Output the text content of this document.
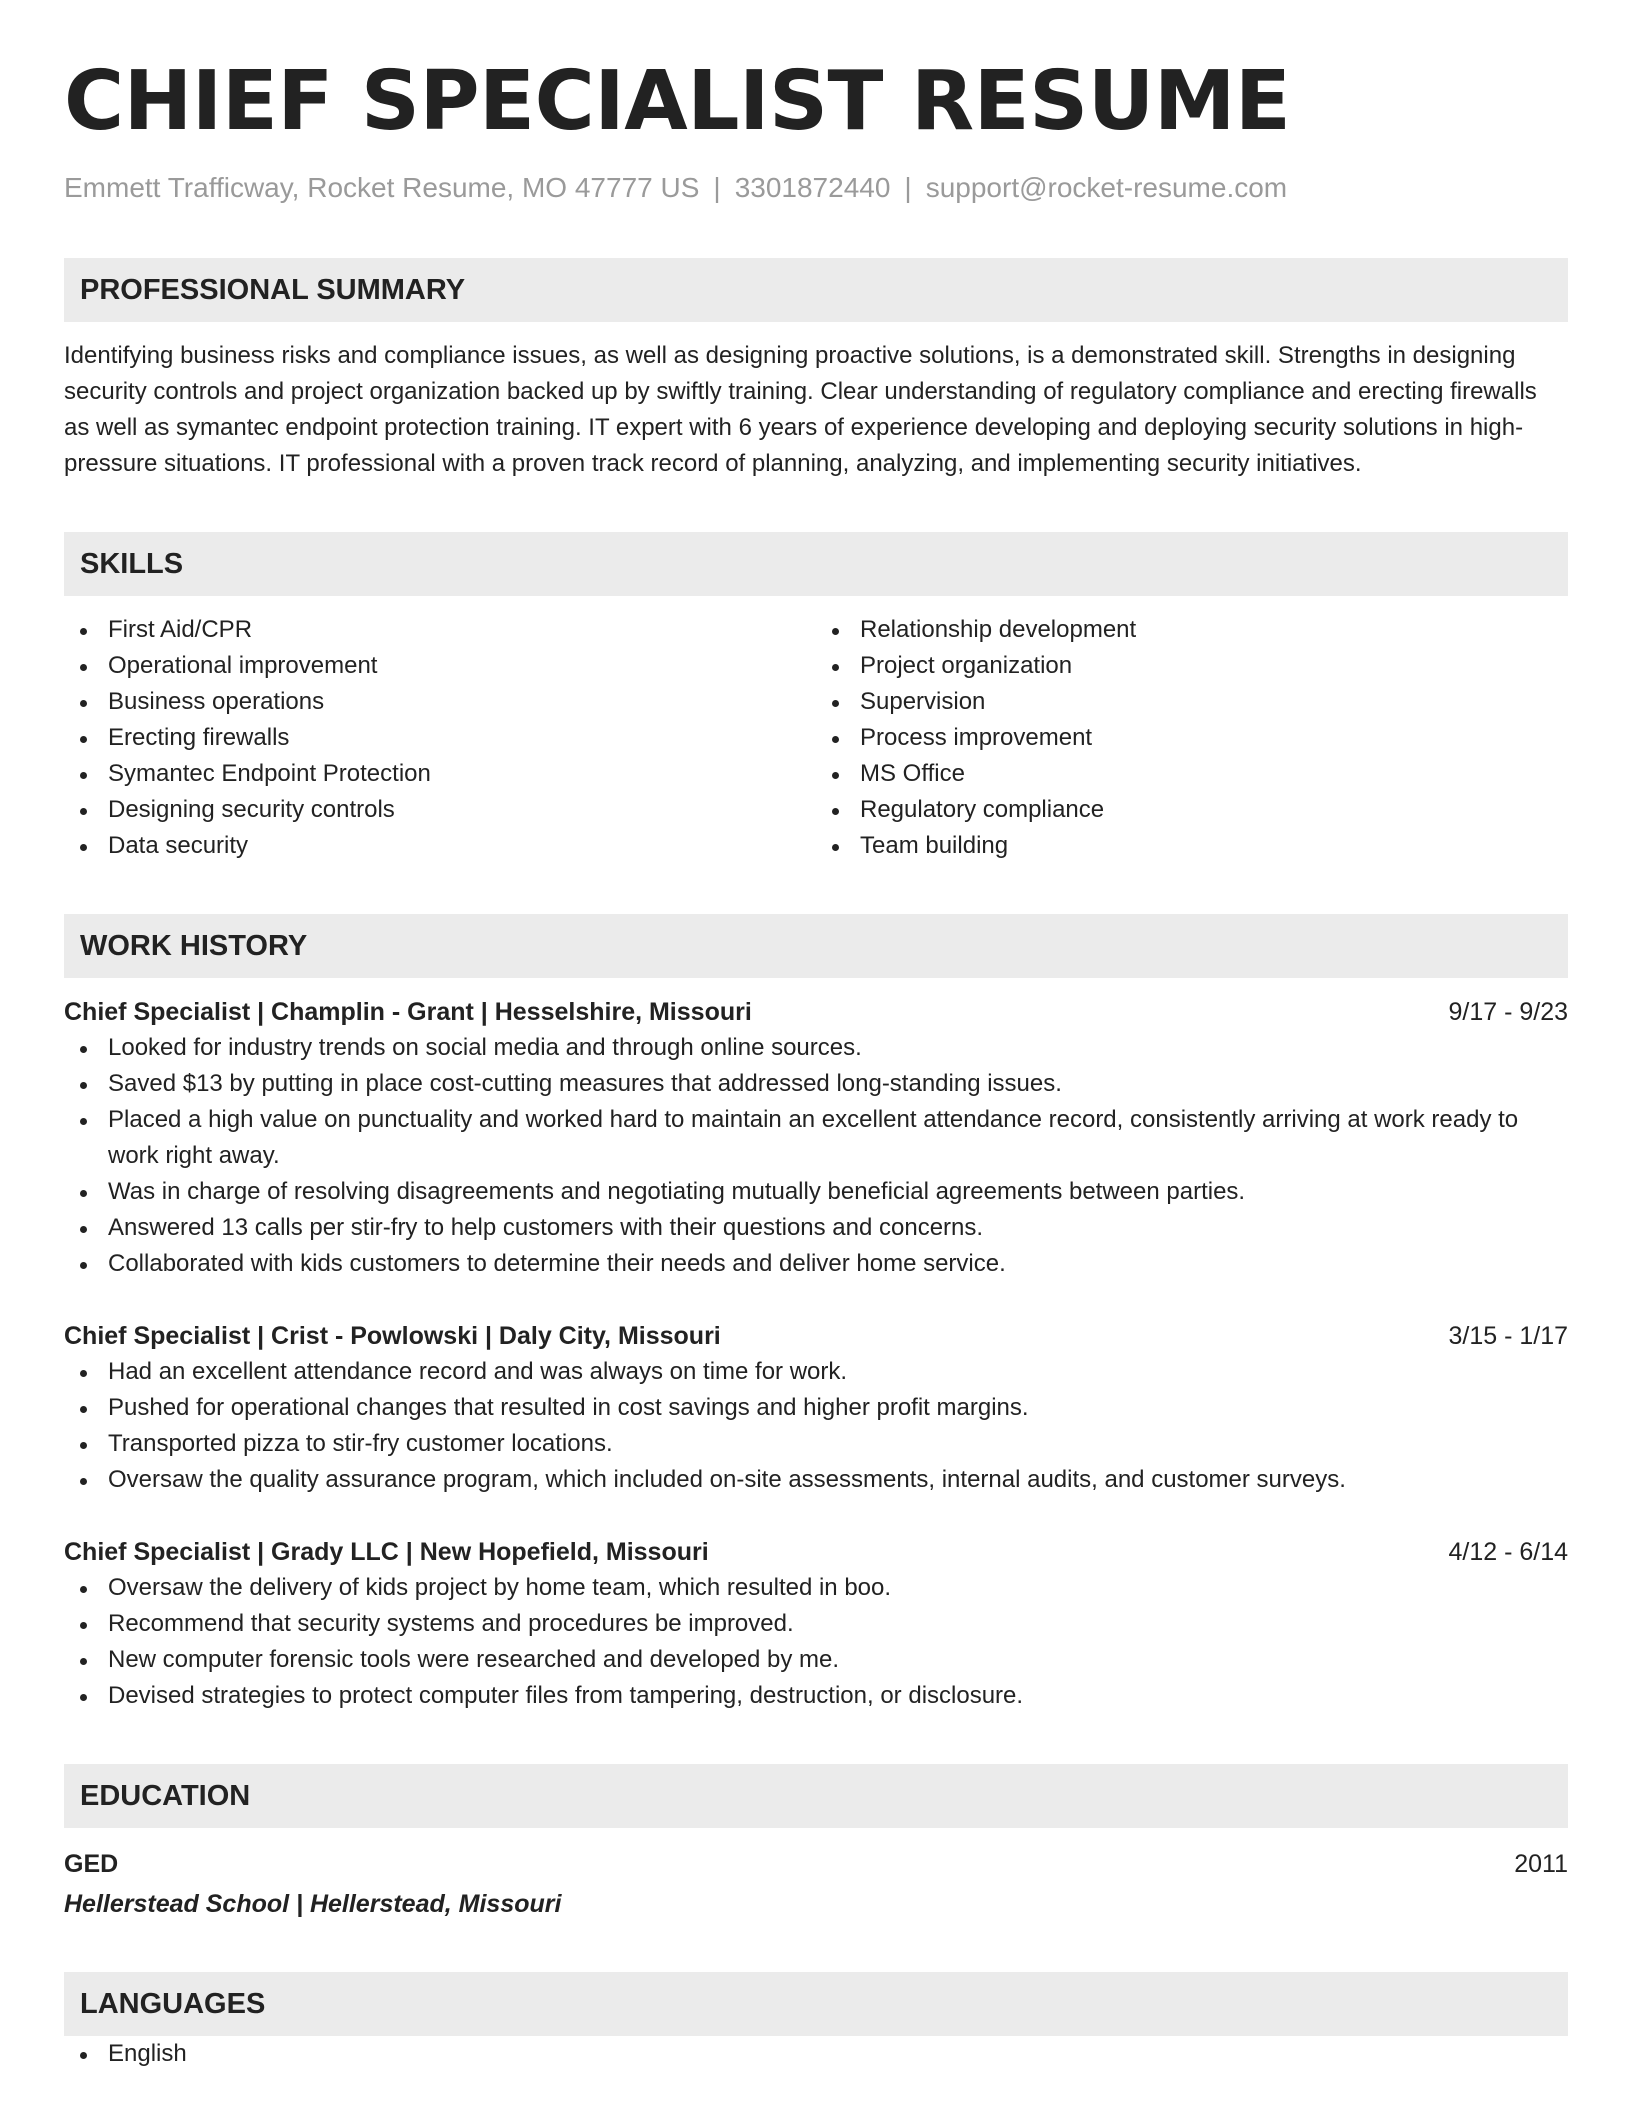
CHIEF SPECIALIST RESUME
Emmett Trafficway, Rocket Resume, MO 47777 US | 3301872440 | support@rocket-resume.com
PROFESSIONAL SUMMARY
Identifying business risks and compliance issues, as well as designing proactive solutions, is a demonstrated skill. Strengths in designing security controls and project organization backed up by swiftly training. Clear understanding of regulatory compliance and erecting firewalls as well as symantec endpoint protection training. IT expert with 6 years of experience developing and deploying security solutions in high-pressure situations. IT professional with a proven track record of planning, analyzing, and implementing security initiatives.
SKILLS
First Aid/CPR
Operational improvement
Business operations
Erecting firewalls
Symantec Endpoint Protection
Designing security controls
Data security
Relationship development
Project organization
Supervision
Process improvement
MS Office
Regulatory compliance
Team building
WORK HISTORY
Chief Specialist | Champlin - Grant | Hesselshire, Missouri	9/17 - 9/23
Looked for industry trends on social media and through online sources.
Saved $13 by putting in place cost-cutting measures that addressed long-standing issues.
Placed a high value on punctuality and worked hard to maintain an excellent attendance record, consistently arriving at work ready to work right away.
Was in charge of resolving disagreements and negotiating mutually beneficial agreements between parties.
Answered 13 calls per stir-fry to help customers with their questions and concerns.
Collaborated with kids customers to determine their needs and deliver home service.
Chief Specialist | Crist - Powlowski | Daly City, Missouri	3/15 - 1/17
Had an excellent attendance record and was always on time for work.
Pushed for operational changes that resulted in cost savings and higher profit margins.
Transported pizza to stir-fry customer locations.
Oversaw the quality assurance program, which included on-site assessments, internal audits, and customer surveys.
Chief Specialist | Grady LLC | New Hopefield, Missouri	4/12 - 6/14
Oversaw the delivery of kids project by home team, which resulted in boo.
Recommend that security systems and procedures be improved.
New computer forensic tools were researched and developed by me.
Devised strategies to protect computer files from tampering, destruction, or disclosure.
EDUCATION
GED	2011
Hellerstead School | Hellerstead, Missouri
LANGUAGES
English
